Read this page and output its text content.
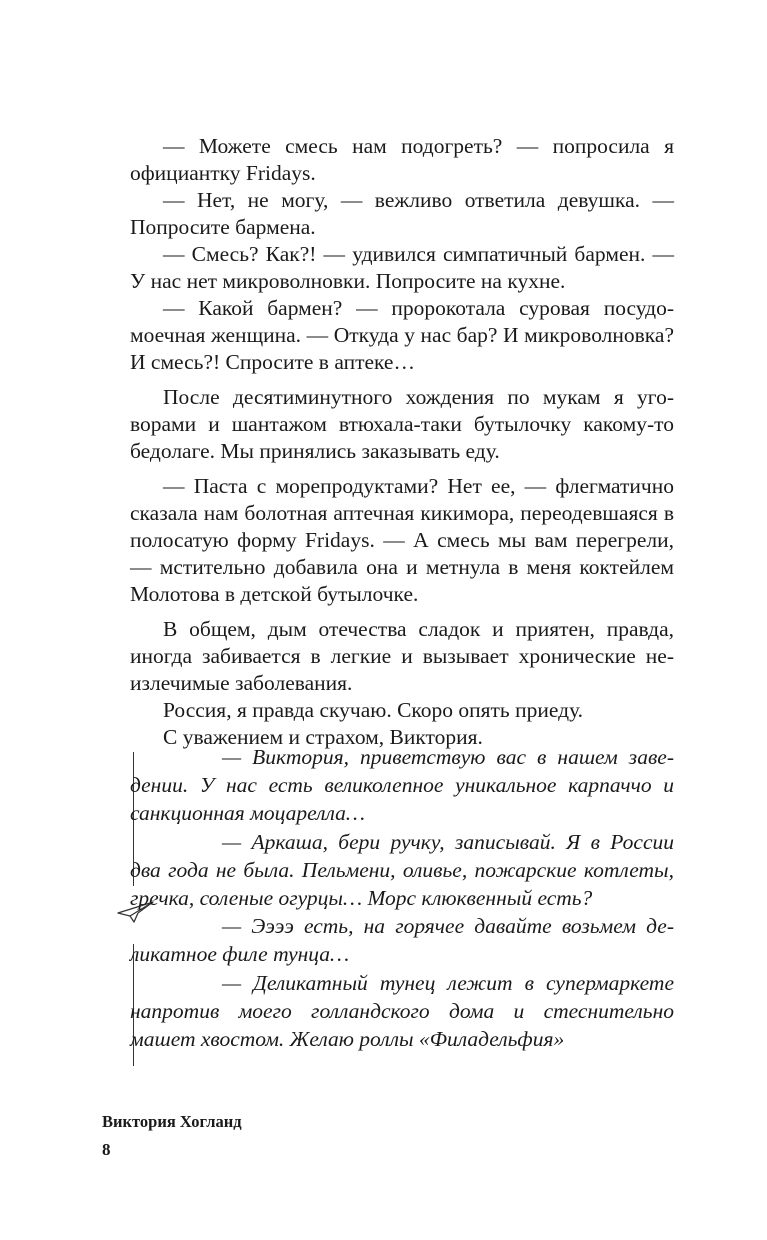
— Можете смесь нам подогреть? — попросила я официантку Fridays.

— Нет, не могу, — вежливо ответила девушка. — Попросите бармена.

— Смесь? Как?! — удивился симпатичный бармен. — У нас нет микроволновки. Попросите на кухне.

— Какой бармен? — пророкотала суровая посудомоечная женщина. — Откуда у нас бар? И микроволновка? И смесь?! Спросите в аптеке…

После десятиминутного хождения по мукам я уговорами и шантажом втюхала-таки бутылочку какому-то бедолаге. Мы принялись заказывать еду.

— Паста с морепродуктами? Нет ее, — флегматично сказала нам болотная аптечная кикимора, переодевшаяся в полосатую форму Fridays. — А смесь мы вам перегрели, — мстительно добавила она и метнула в меня коктейлем Молотова в детской бутылочке.

В общем, дым отечества сладок и приятен, правда, иногда забивается в легкие и вызывает хронические неизлечимые заболевания.

Россия, я правда скучаю. Скоро опять приеду.

С уважением и страхом, Виктория.

— Виктория, приветствую вас в нашем заведении. У нас есть великолепное уникальное карпаччо и санкционная моцарелла…

— Аркаша, бери ручку, записывай. Я в России два года не была. Пельмени, оливье, пожарские котлеты, гречка, соленые огурцы… Морс клюквенный есть?

— Ээээ есть, на горячее давайте возьмем деликатное филе тунца…

— Деликатный тунец лежит в супермаркете напротив моего голландского дома и стеснительно машет хвостом. Желаю роллы «Филадельфия»

Виктория Хогланд
8
